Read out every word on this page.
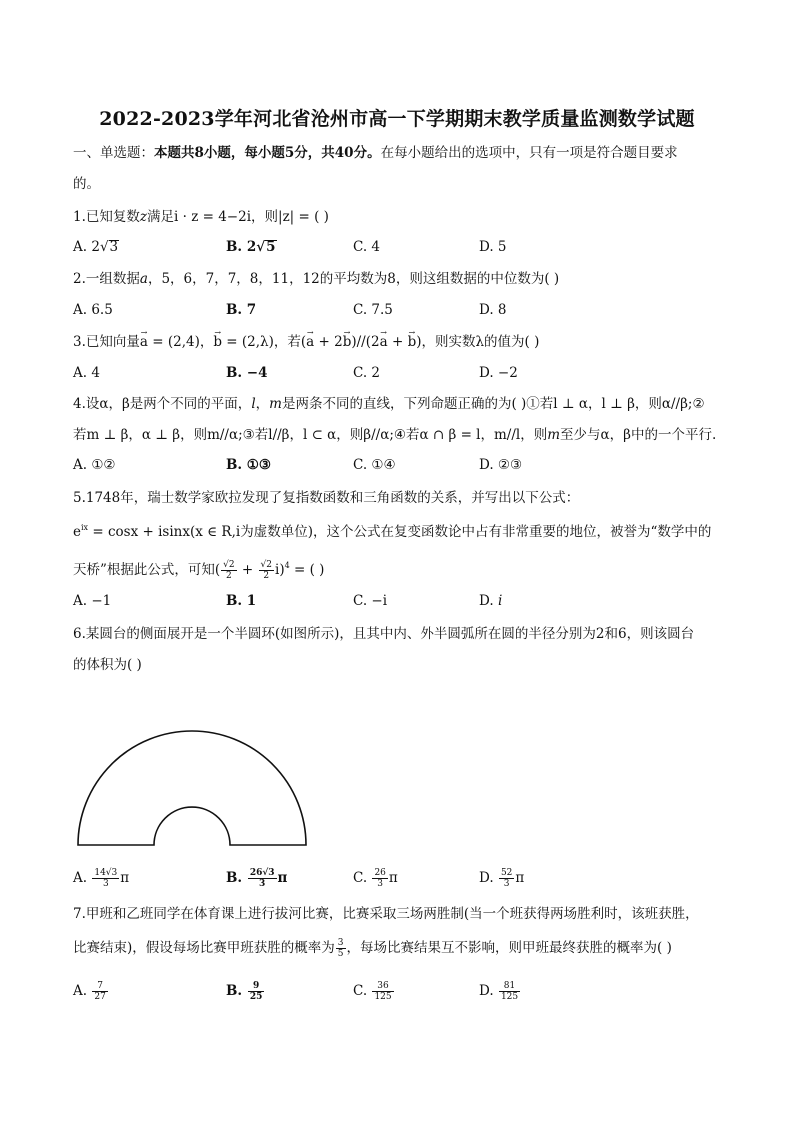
2022-2023学年河北省沧州市高一下学期期末教学质量监测数学试题
一、单选题：本题共8小题，每小题5分，共40分。在每小题给出的选项中，只有一项是符合题目要求
的。
1.已知复数z满足i · z = 4−2i，则|z| = ( )
A. 2√3	B. 2√5	C. 4	D. 5
2.一组数据a，5，6，7，7，8，11，12的平均数为8，则这组数据的中位数为( )
A. 6.5	B. 7	C. 7.5	D. 8
3.已知向量→ a = (2,4)，→ b = (2,λ)，若(→ a + 2→ b)//(2→ a + → b)，则实数λ的值为( )
A. 4	B. −4	C. 2	D. −2
4.设α，β是两个不同的平面，l，m是两条不同的直线，下列命题正确的为( )①若l ⊥ α，l ⊥ β，则α//β;②
若m ⊥ β，α ⊥ β，则m//α;③若l//β，l ⊂ α，则β//α;④若α ∩ β = l，m//l，则m至少与α，β中的一个平行.
A. ①②	B. ①③	C. ①④	D. ②③
5.1748年，瑞士数学家欧拉发现了复指数函数和三角函数的关系，并写出以下公式：
$e^{ix} = \cos x + isinx(x$ ∈ R,i为虚数单位)，这个公式在复变函数论中占有非常重要的地位，被誉为“数学中的
天桥”根据此公式，可知( $\frac{√2}{2} + \frac{√2}{2} i)^4$ = ( )
A. −1	B. 1	C. −i	D. i
6.某圆台的侧面展开是一个半圆环(如图所示)，且其中内、外半圆弧所在圆的半径分别为2和6，则该圆台
的体积为( )
A. $\frac{14√3}{3}$ π	B. $\frac{26√3}{3}$ π	C. $\frac{26}{3}$ π	D. $\frac{52}{3}$ π
7.甲班和乙班同学在体育课上进行拔河比赛，比赛采取三场两胜制(当一个班获得两场胜利时，该班获胜，
比赛结束)，假设每场比赛甲班获胜的概率为 $\frac{3}{5}$ ，每场比赛结果互不影响，则甲班最终获胜的概率为( )
A. $\frac{7}{27}$	B. $\frac{9}{25}$	C. $\frac{36}{125}$	D. $\frac{81}{125}$
